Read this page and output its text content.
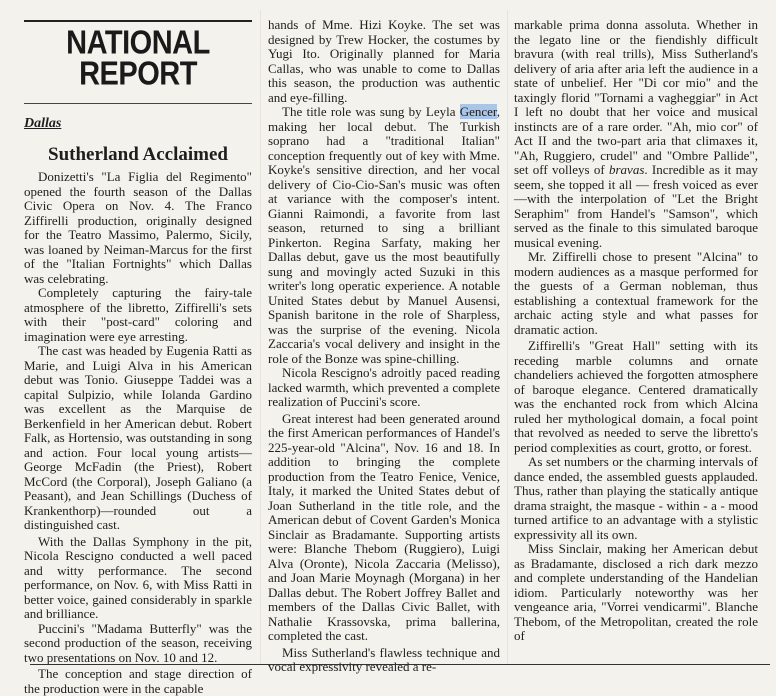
NATIONAL
REPORT
Dallas
Sutherland Acclaimed

Donizetti's "La Figlia del Regimento" opened the fourth season of the Dallas Civic Opera on Nov. 4. The Franco Ziffirelli production, originally designed for the Teatro Massimo, Palermo, Sicily, was loaned by Neiman-Marcus for the first of the "Italian Fortnights" which Dallas was celebrating.

Completely capturing the fairy-tale atmosphere of the libretto, Ziffirelli's sets with their "post-card" coloring and imagination were eye arresting.

The cast was headed by Eugenia Ratti as Marie, and Luigi Alva in his American debut was Tonio. Giuseppe Taddei was a capital Sulpizio, while Iolanda Gardino was excellent as the Marquise de Berkenfield in her American debut. Robert Falk, as Hortensio, was outstanding in song and action. Four local young artists—George McFadin (the Priest), Robert McCord (the Corporal), Joseph Galiano (a Peasant), and Jean Schillings (Duchess of Krankenthorp)—rounded out a distinguished cast.

With the Dallas Symphony in the pit, Nicola Rescigno conducted a well paced and witty performance. The second performance, on Nov. 6, with Miss Ratti in better voice, gained considerably in sparkle and brilliance.

Puccini's "Madama Butterfly" was the second production of the season, receiving two presentations on Nov. 10 and 12.

The conception and stage direction of the production were in the capable

hands of Mme. Hizi Koyke. The set was designed by Trew Hocker, the costumes by Yugi Ito. Originally planned for Maria Callas, who was unable to come to Dallas this season, the production was authentic and eye-filling.

The title role was sung by Leyla Gencer, making her local debut. The Turkish soprano had a "traditional Italian" conception frequently out of key with Mme. Koyke's sensitive direction, and her vocal delivery of Cio-Cio-San's music was often at variance with the composer's intent. Gianni Raimondi, a favorite from last season, returned to sing a brilliant Pinkerton. Regina Sarfaty, making her Dallas debut, gave us the most beautifully sung and movingly acted Suzuki in this writer's long operatic experience. A notable United States debut by Manuel Ausensi, Spanish baritone in the role of Sharpless, was the surprise of the evening. Nicola Zaccaria's vocal delivery and insight in the role of the Bonze was spine-chilling.

Nicola Rescigno's adroitly paced reading lacked warmth, which prevented a complete realization of Puccini's score.

Great interest had been generated around the first American performances of Handel's 225-year-old "Alcina", Nov. 16 and 18. In addition to bringing the complete production from the Teatro Fenice, Venice, Italy, it marked the United States debut of Joan Sutherland in the title role, and the American debut of Covent Garden's Monica Sinclair as Bradamante. Supporting artists were: Blanche Thebom (Ruggiero), Luigi Alva (Oronte), Nicola Zaccaria (Melisso), and Joan Marie Moynagh (Morgana) in her Dallas debut. The Robert Joffrey Ballet and members of the Dallas Civic Ballet, with Nathalie Krassovska, prima ballerina, completed the cast.

Miss Sutherland's flawless technique and vocal expressivity revealed a re-

markable prima donna assoluta. Whether in the legato line or the fiendishly difficult bravura (with real trills), Miss Sutherland's delivery of aria after aria left the audience in a state of unbelief. Her "Di cor mio" and the taxingly florid "Tornami a vagheggiar" in Act I left no doubt that her voice and musical instincts are of a rare order. "Ah, mio cor" of Act II and the two-part aria that climaxes it, "Ah, Ruggiero, crudel" and "Ombre Pallide", set off volleys of bravas. Incredible as it may seem, she topped it all — fresh voiced as ever—with the interpolation of "Let the Bright Seraphim" from Handel's "Samson", which served as the finale to this simulated baroque musical evening.

Mr. Ziffirelli chose to present "Alcina" to modern audiences as a masque performed for the guests of a German nobleman, thus establishing a contextual framework for the archaic acting style and what passes for dramatic action.

Ziffirelli's "Great Hall" setting with its receding marble columns and ornate chandeliers achieved the forgotten atmosphere of baroque elegance. Centered dramatically was the enchanted rock from which Alcina ruled her mythological domain, a focal point that revolved as needed to serve the libretto's period complexities as court, grotto, or forest.

As set numbers or the charming intervals of dance ended, the assembled guests applauded. Thus, rather than playing the statically antique drama straight, the masque - within - a - mood turned artifice to an advantage with a stylistic expressivity all its own.

Miss Sinclair, making her American debut as Bradamante, disclosed a rich dark mezzo and complete understanding of the Handelian idiom. Particularly noteworthy was her vengeance aria, "Vorrei vendicarmi". Blanche Thebom, of the Metropolitan, created the role of
